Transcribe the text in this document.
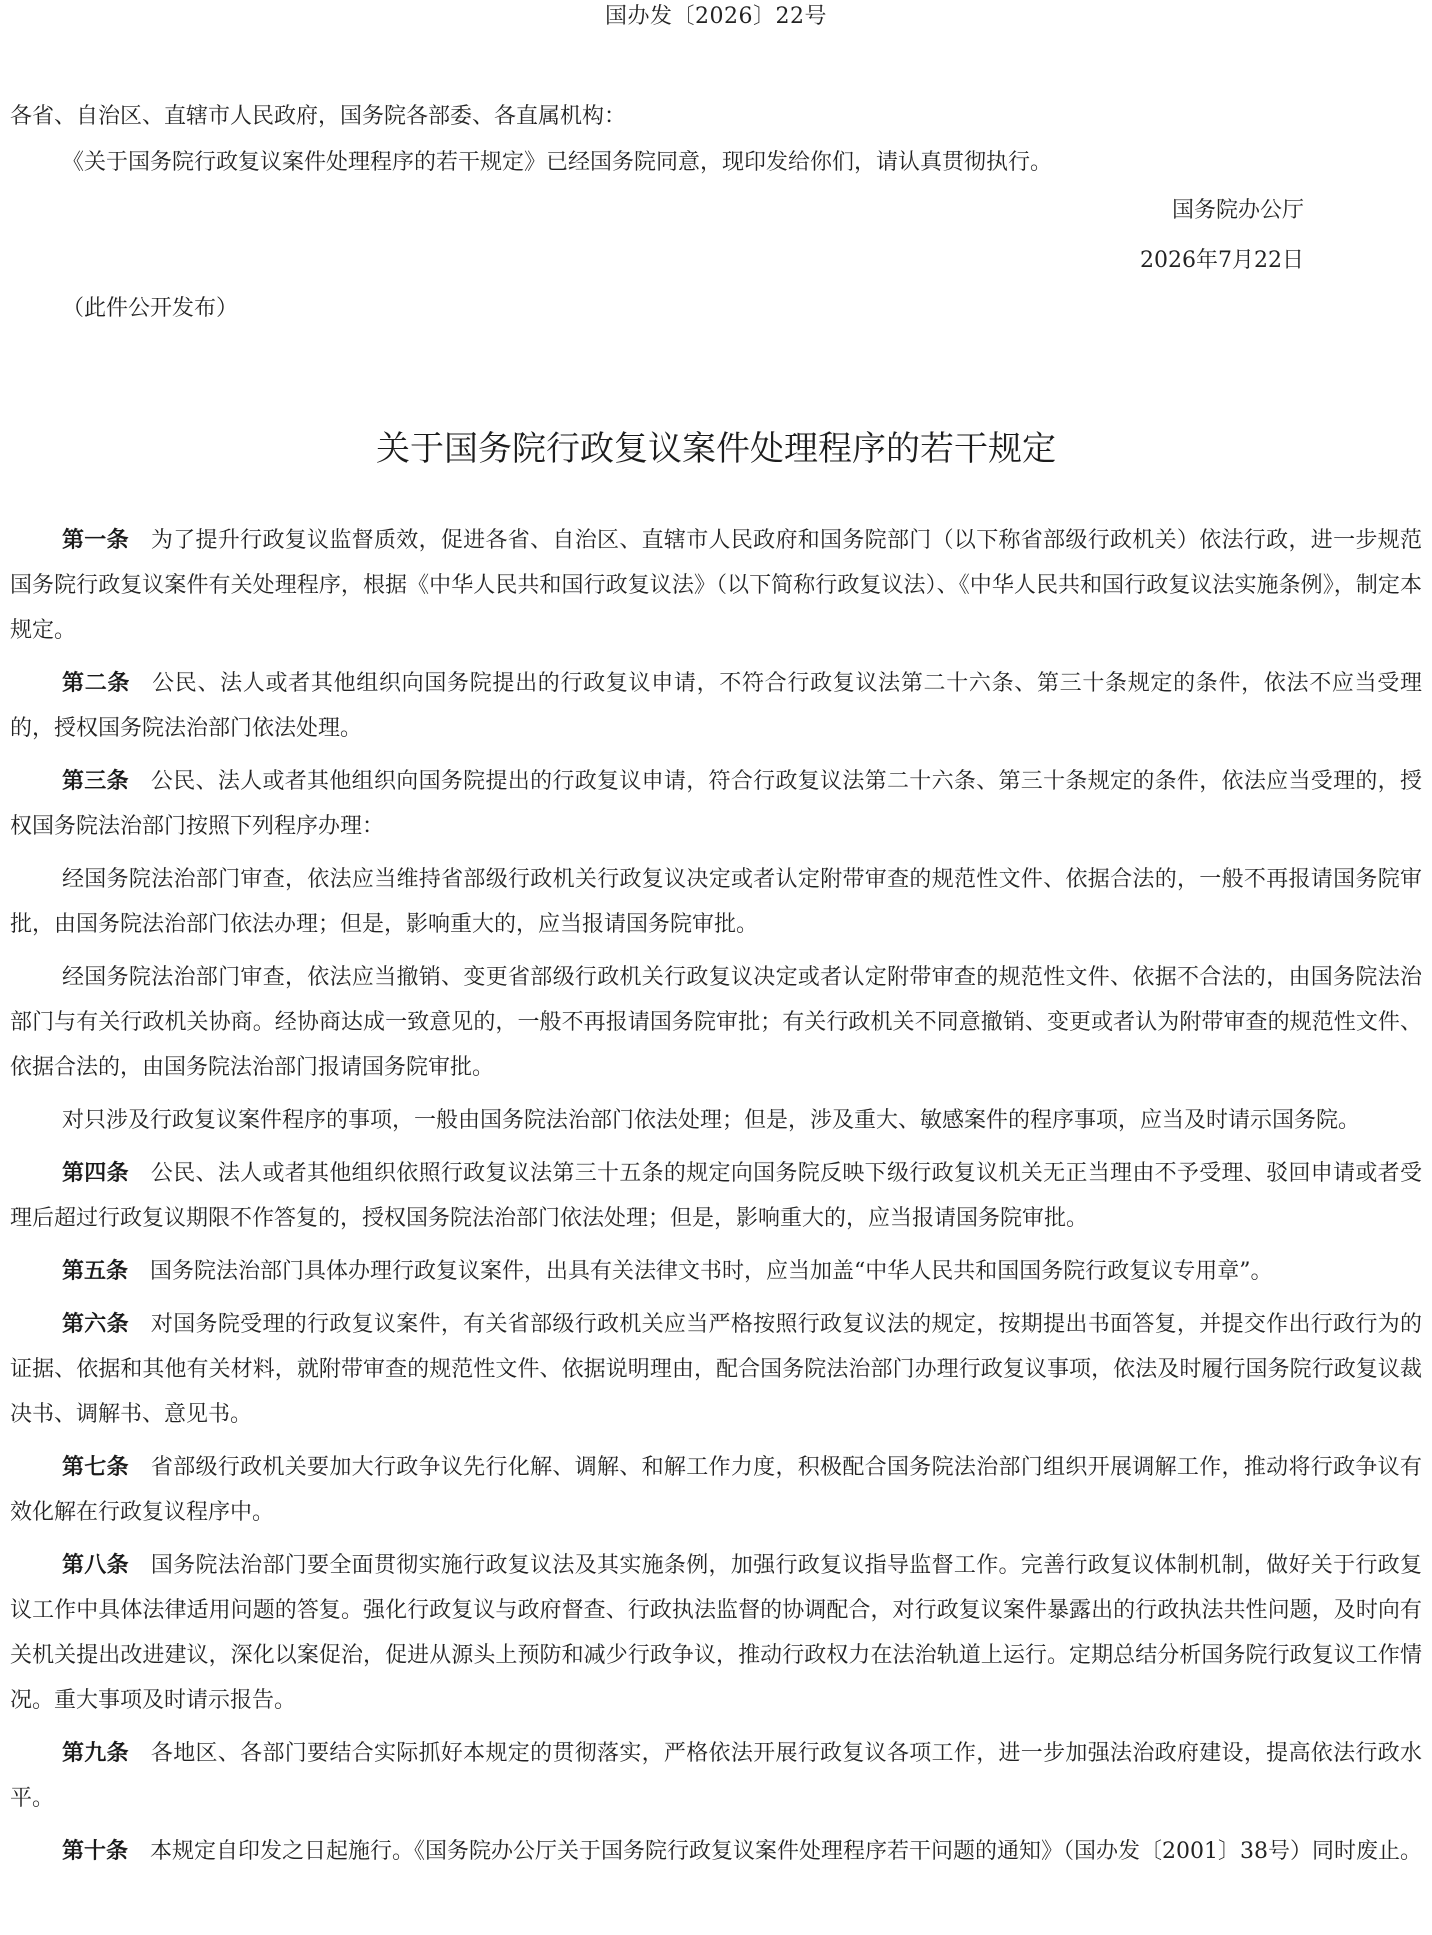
国办发〔2026〕22号

各省、自治区、直辖市人民政府，国务院各部委、各直属机构：

《关于国务院行政复议案件处理程序的若干规定》已经国务院同意，现印发给你们，请认真贯彻执行。

国务院办公厅
2026年7月22日
（此件公开发布）
关于国务院行政复议案件处理程序的若干规定

第一条 为了提升行政复议监督质效，促进各省、自治区、直辖市人民政府和国务院部门（以下称省部级行政机关）依法行政，进一步规范国务院行政复议案件有关处理程序，根据《中华人民共和国行政复议法》（以下简称行政复议法）、《中华人民共和国行政复议法实施条例》，制定本规定。

第二条 公民、法人或者其他组织向国务院提出的行政复议申请，不符合行政复议法第二十六条、第三十条规定的条件，依法不应当受理的，授权国务院法治部门依法处理。

第三条 公民、法人或者其他组织向国务院提出的行政复议申请，符合行政复议法第二十六条、第三十条规定的条件，依法应当受理的，授权国务院法治部门按照下列程序办理：

经国务院法治部门审查，依法应当维持省部级行政机关行政复议决定或者认定附带审查的规范性文件、依据合法的，一般不再报请国务院审批，由国务院法治部门依法办理；但是，影响重大的，应当报请国务院审批。

经国务院法治部门审查，依法应当撤销、变更省部级行政机关行政复议决定或者认定附带审查的规范性文件、依据不合法的，由国务院法治部门与有关行政机关协商。经协商达成一致意见的，一般不再报请国务院审批；有关行政机关不同意撤销、变更或者认为附带审查的规范性文件、依据合法的，由国务院法治部门报请国务院审批。

对只涉及行政复议案件程序的事项，一般由国务院法治部门依法处理；但是，涉及重大、敏感案件的程序事项，应当及时请示国务院。

第四条 公民、法人或者其他组织依照行政复议法第三十五条的规定向国务院反映下级行政复议机关无正当理由不予受理、驳回申请或者受理后超过行政复议期限不作答复的，授权国务院法治部门依法处理；但是，影响重大的，应当报请国务院审批。

第五条 国务院法治部门具体办理行政复议案件，出具有关法律文书时，应当加盖“中华人民共和国国务院行政复议专用章”。

第六条 对国务院受理的行政复议案件，有关省部级行政机关应当严格按照行政复议法的规定，按期提出书面答复，并提交作出行政行为的证据、依据和其他有关材料，就附带审查的规范性文件、依据说明理由，配合国务院法治部门办理行政复议事项，依法及时履行国务院行政复议裁决书、调解书、意见书。

第七条 省部级行政机关要加大行政争议先行化解、调解、和解工作力度，积极配合国务院法治部门组织开展调解工作，推动将行政争议有效化解在行政复议程序中。

第八条 国务院法治部门要全面贯彻实施行政复议法及其实施条例，加强行政复议指导监督工作。完善行政复议体制机制，做好关于行政复议工作中具体法律适用问题的答复。强化行政复议与政府督查、行政执法监督的协调配合，对行政复议案件暴露出的行政执法共性问题，及时向有关机关提出改进建议，深化以案促治，促进从源头上预防和减少行政争议，推动行政权力在法治轨道上运行。定期总结分析国务院行政复议工作情况。重大事项及时请示报告。

第九条 各地区、各部门要结合实际抓好本规定的贯彻落实，严格依法开展行政复议各项工作，进一步加强法治政府建设，提高依法行政水平。

第十条 本规定自印发之日起施行。《国务院办公厅关于国务院行政复议案件处理程序若干问题的通知》（国办发〔2001〕38号）同时废止。
